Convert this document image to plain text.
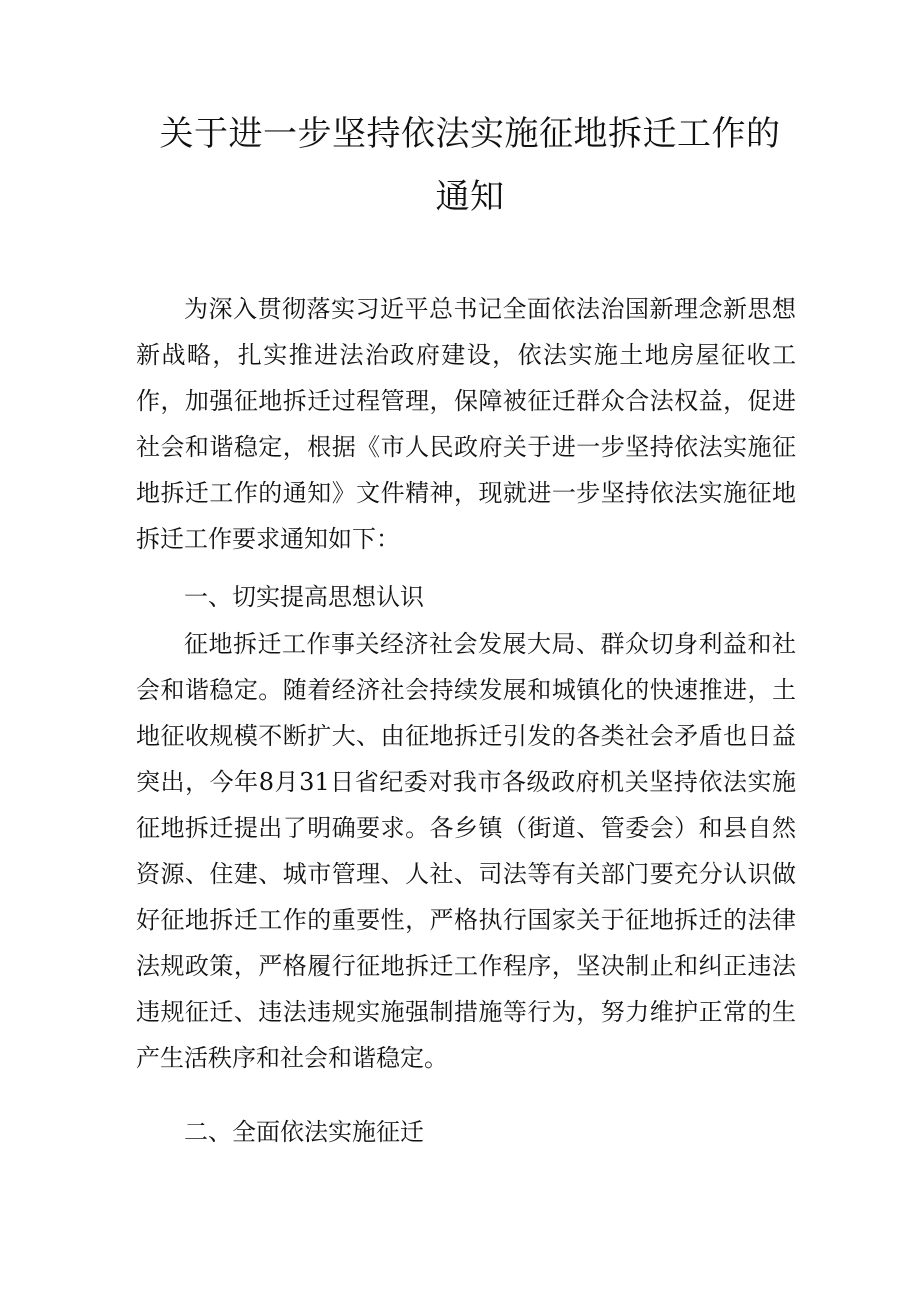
关于进一步坚持依法实施征地拆迁工作的
通知

为深入贯彻落实习近平总书记全面依法治国新理念新思想新战略，扎实推进法治政府建设，依法实施土地房屋征收工作，加强征地拆迁过程管理，保障被征迁群众合法权益，促进社会和谐稳定，根据《市人民政府关于进一步坚持依法实施征地拆迁工作的通知》文件精神，现就进一步坚持依法实施征地拆迁工作要求通知如下：

一、切实提高思想认识

征地拆迁工作事关经济社会发展大局、群众切身利益和社会和谐稳定。随着经济社会持续发展和城镇化的快速推进，土地征收规模不断扩大、由征地拆迁引发的各类社会矛盾也日益突出，今年8月31日省纪委对我市各级政府机关坚持依法实施征地拆迁提出了明确要求。各乡镇（街道、管委会）和县自然资源、住建、城市管理、人社、司法等有关部门要充分认识做好征地拆迁工作的重要性，严格执行国家关于征地拆迁的法律法规政策，严格履行征地拆迁工作程序，坚决制止和纠正违法违规征迁、违法违规实施强制措施等行为，努力维护正常的生产生活秩序和社会和谐稳定。

二、全面依法实施征迁
